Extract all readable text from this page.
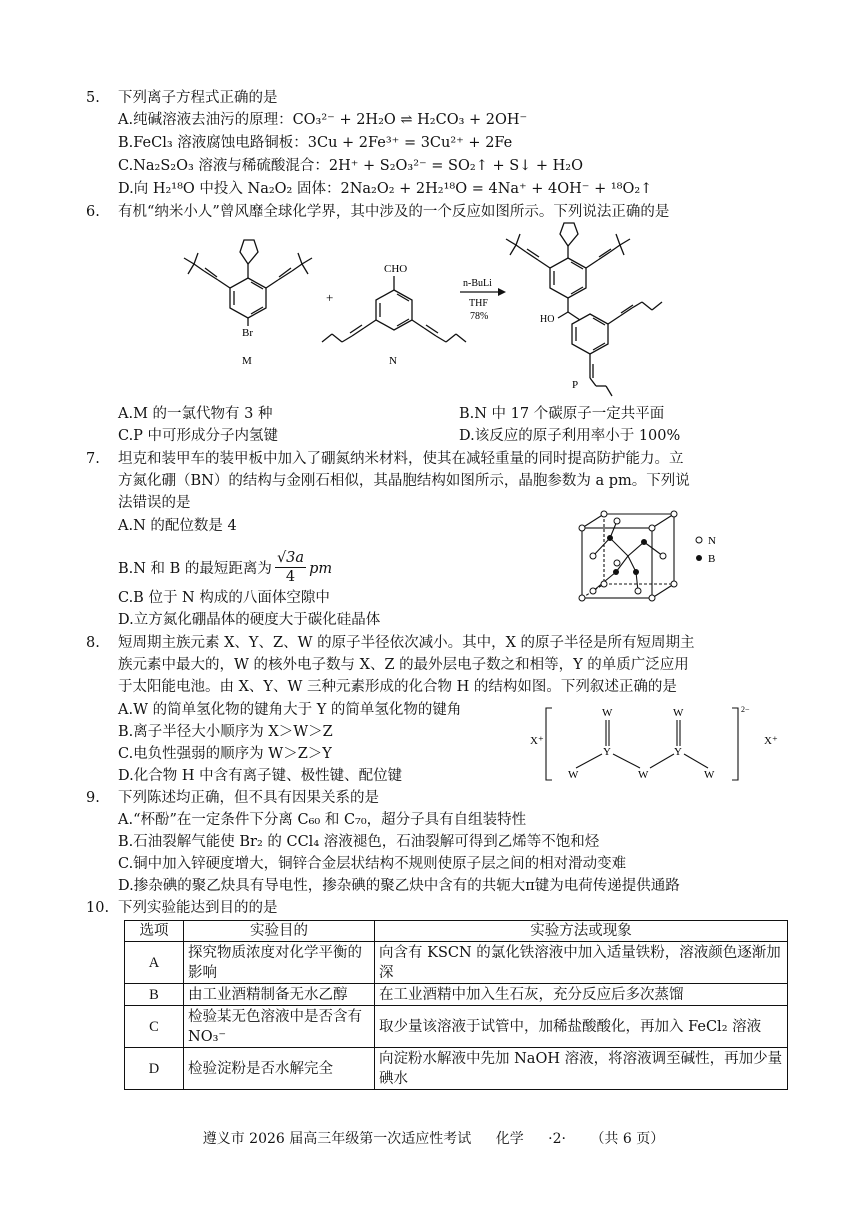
5. 下列离子方程式正确的是
A.纯碱溶液去油污的原理：CO₃²⁻ + 2H₂O ⇌ H₂CO₃ + 2OH⁻
B.FeCl₃ 溶液腐蚀电路铜板：3Cu + 2Fe³⁺ = 3Cu²⁺ + 2Fe
C.Na₂S₂O₃ 溶液与稀硫酸混合：2H⁺ + S₂O₃²⁻ = SO₂↑ + S↓ + H₂O
D.向 H₂¹⁸O 中投入 Na₂O₂ 固体：2Na₂O₂ + 2H₂¹⁸O = 4Na⁺ + 4OH⁻ + ¹⁸O₂↑
6. 有机“纳米小人”曾风靡全球化学界，其中涉及的一个反应如图所示。下列说法正确的是
Br
M
CHO
+
N
n-BuLi
THF
78%	HO
P
A.M 的一氯代物有 3 种	B.N 中 17 个碳原子一定共平面
C.P 中可形成分子内氢键	D.该反应的原子利用率小于 100%
7. 坦克和装甲车的装甲板中加入了硼氮纳米材料，使其在减轻重量的同时提高防护能力。立
方氮化硼（BN）的结构与金刚石相似，其晶胞结构如图所示，晶胞参数为 a pm。下列说
法错误的是
A.N 的配位数是 4
B.N 和 B 的最短距离为 $\frac{√3a}{4}$ pm
C.B 位于 N 构成的八面体空隙中
D.立方氮化硼晶体的硬度大于碳化硅晶体
N
B
8. 短周期主族元素 X、Y、Z、W 的原子半径依次减小。其中，X 的原子半径是所有短周期主
族元素中最大的，W 的核外电子数与 X、Z 的最外层电子数之和相等，Y 的单质广泛应用
于太阳能电池。由 X、Y、W 三种元素形成的化合物 H 的结构如图。下列叙述正确的是
A.W 的简单氢化物的键角大于 Y 的简单氢化物的键角
B.离子半径大小顺序为 X＞W＞Z
C.电负性强弱的顺序为 W＞Z＞Y
D.化合物 H 中含有离子键、极性键、配位键
X⁺	X⁺
2−
W	W
Y	Y
W	W	W
9. 下列陈述均正确，但不具有因果关系的是
A.“杯酚”在一定条件下分离 C₆₀ 和 C₇₀，超分子具有自组装特性
B.石油裂解气能使 Br₂ 的 CCl₄ 溶液褪色，石油裂解可得到乙烯等不饱和烃
C.铜中加入锌硬度增大，铜锌合金层状结构不规则使原子层之间的相对滑动变难
D.掺杂碘的聚乙炔具有导电性，掺杂碘的聚乙炔中含有的共轭大π键为电荷传递提供通路
10. 下列实验能达到目的的是
选项	实验目的	实验方法或现象
A	探究物质浓度对化学平衡的影响	向含有 KSCN 的氯化铁溶液中加入适量铁粉，溶液颜色逐渐加深
B	由工业酒精制备无水乙醇	在工业酒精中加入生石灰，充分反应后多次蒸馏
C	检验某无色溶液中是否含有 NO₃⁻	取少量该溶液于试管中，加稀盐酸酸化，再加入 FeCl₂ 溶液
D	检验淀粉是否水解完全	向淀粉水解液中先加 NaOH 溶液，将溶液调至碱性，再加少量碘水
遵义市 2026 届高三年级第一次适应性考试 化学 ·2· （共 6 页）
